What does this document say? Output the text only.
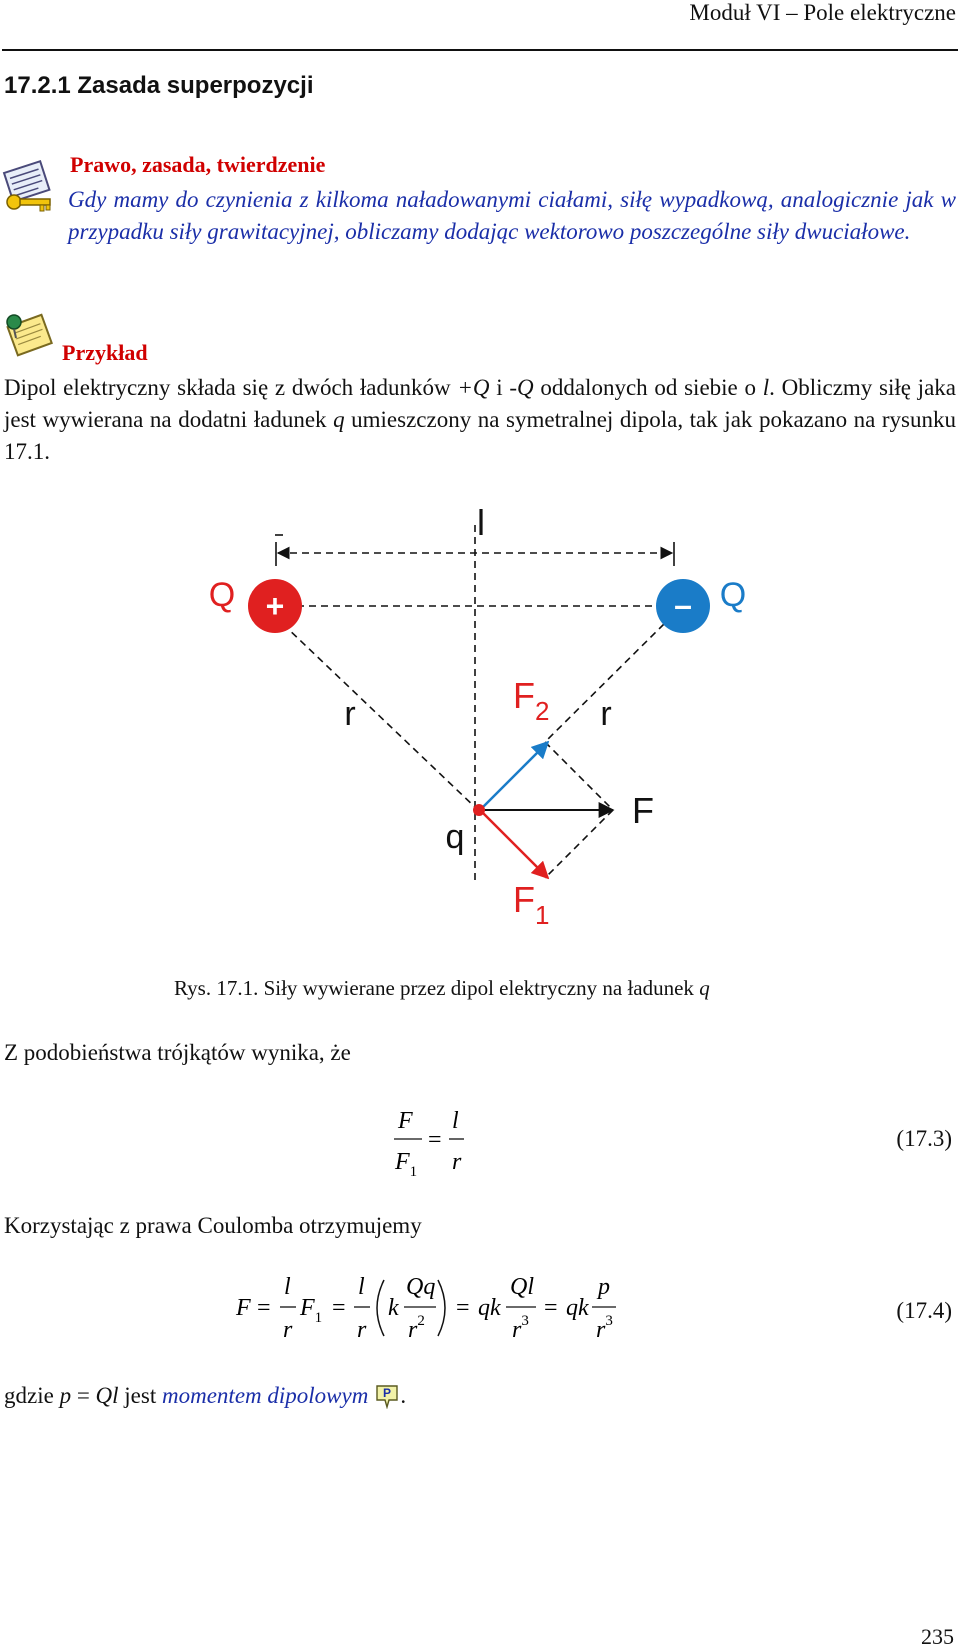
Moduł VI – Pole elektryczne
17.2.1 Zasada superpozycji
Prawo, zasada, twierdzenie
Gdy mamy do czynienia z kilkoma naładowanymi ciałami, siłę wypadkową, analogicznie jak w przypadku siły grawitacyjnej, obliczamy dodając wektorowo poszczególne siły dwuciałowe.
Przykład
Dipol elektryczny składa się z dwóch ładunków +Q i -Q oddalonych od siebie o l. Obliczmy siłę jaka jest wywierana na dodatni ładunek q umieszczony na symetralnej dipola, tak jak pokazano na rysunku 17.1.
+	–
l
Q	Q
r	r
$F_2$
F
q
$F_1$
Rys. 17.1. Siły wywierane przez dipol elektryczny na ładunek q
Z podobieństwa trójkątów wynika, że
F
$F_1$
=
l
r
(17.3)
Korzystając z prawa Coulomba otrzymujemy
F =
l
r
$F_1$ =
l
r
k
Qq
$r^2$ = qk
Ql
$r^3$ = qk
p
$r^3$	(17.4)
gdzie p = Ql jest momentem dipolowym P .
235
